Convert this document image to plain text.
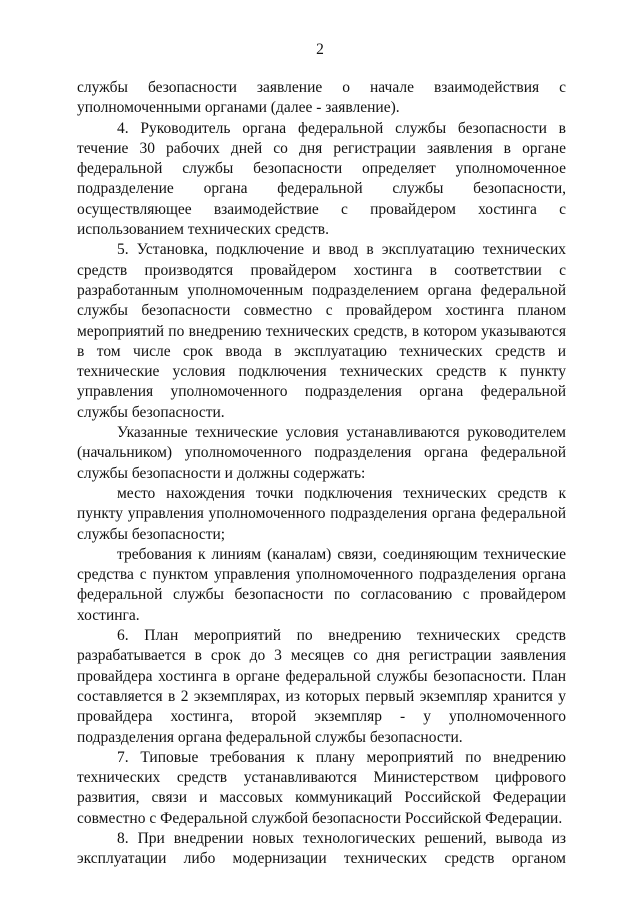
2

службы безопасности заявление о начале взаимодействия с уполномоченными органами (далее - заявление).

4. Руководитель органа федеральной службы безопасности в течение 30 рабочих дней со дня регистрации заявления в органе федеральной службы безопасности определяет уполномоченное подразделение органа федеральной службы безопасности, осуществляющее взаимодействие с провайдером хостинга с использованием технических средств.

5. Установка, подключение и ввод в эксплуатацию технических средств производятся провайдером хостинга в соответствии с разработанным уполномоченным подразделением органа федеральной службы безопасности совместно с провайдером хостинга планом мероприятий по внедрению технических средств, в котором указываются в том числе срок ввода в эксплуатацию технических средств и технические условия подключения технических средств к пункту управления уполномоченного подразделения органа федеральной службы безопасности.

Указанные технические условия устанавливаются руководителем (начальником) уполномоченного подразделения органа федеральной службы безопасности и должны содержать:

место нахождения точки подключения технических средств к пункту управления уполномоченного подразделения органа федеральной службы безопасности;

требования к линиям (каналам) связи, соединяющим технические средства с пунктом управления уполномоченного подразделения органа федеральной службы безопасности по согласованию с провайдером хостинга.

6. План мероприятий по внедрению технических средств разрабатывается в срок до 3 месяцев со дня регистрации заявления провайдера хостинга в органе федеральной службы безопасности. План составляется в 2 экземплярах, из которых первый экземпляр хранится у провайдера хостинга, второй экземпляр - у уполномоченного подразделения органа федеральной службы безопасности.

7. Типовые требования к плану мероприятий по внедрению технических средств устанавливаются Министерством цифрового развития, связи и массовых коммуникаций Российской Федерации совместно с Федеральной службой безопасности Российской Федерации.

8. При внедрении новых технологических решений, вывода из эксплуатации либо модернизации технических средств органом
